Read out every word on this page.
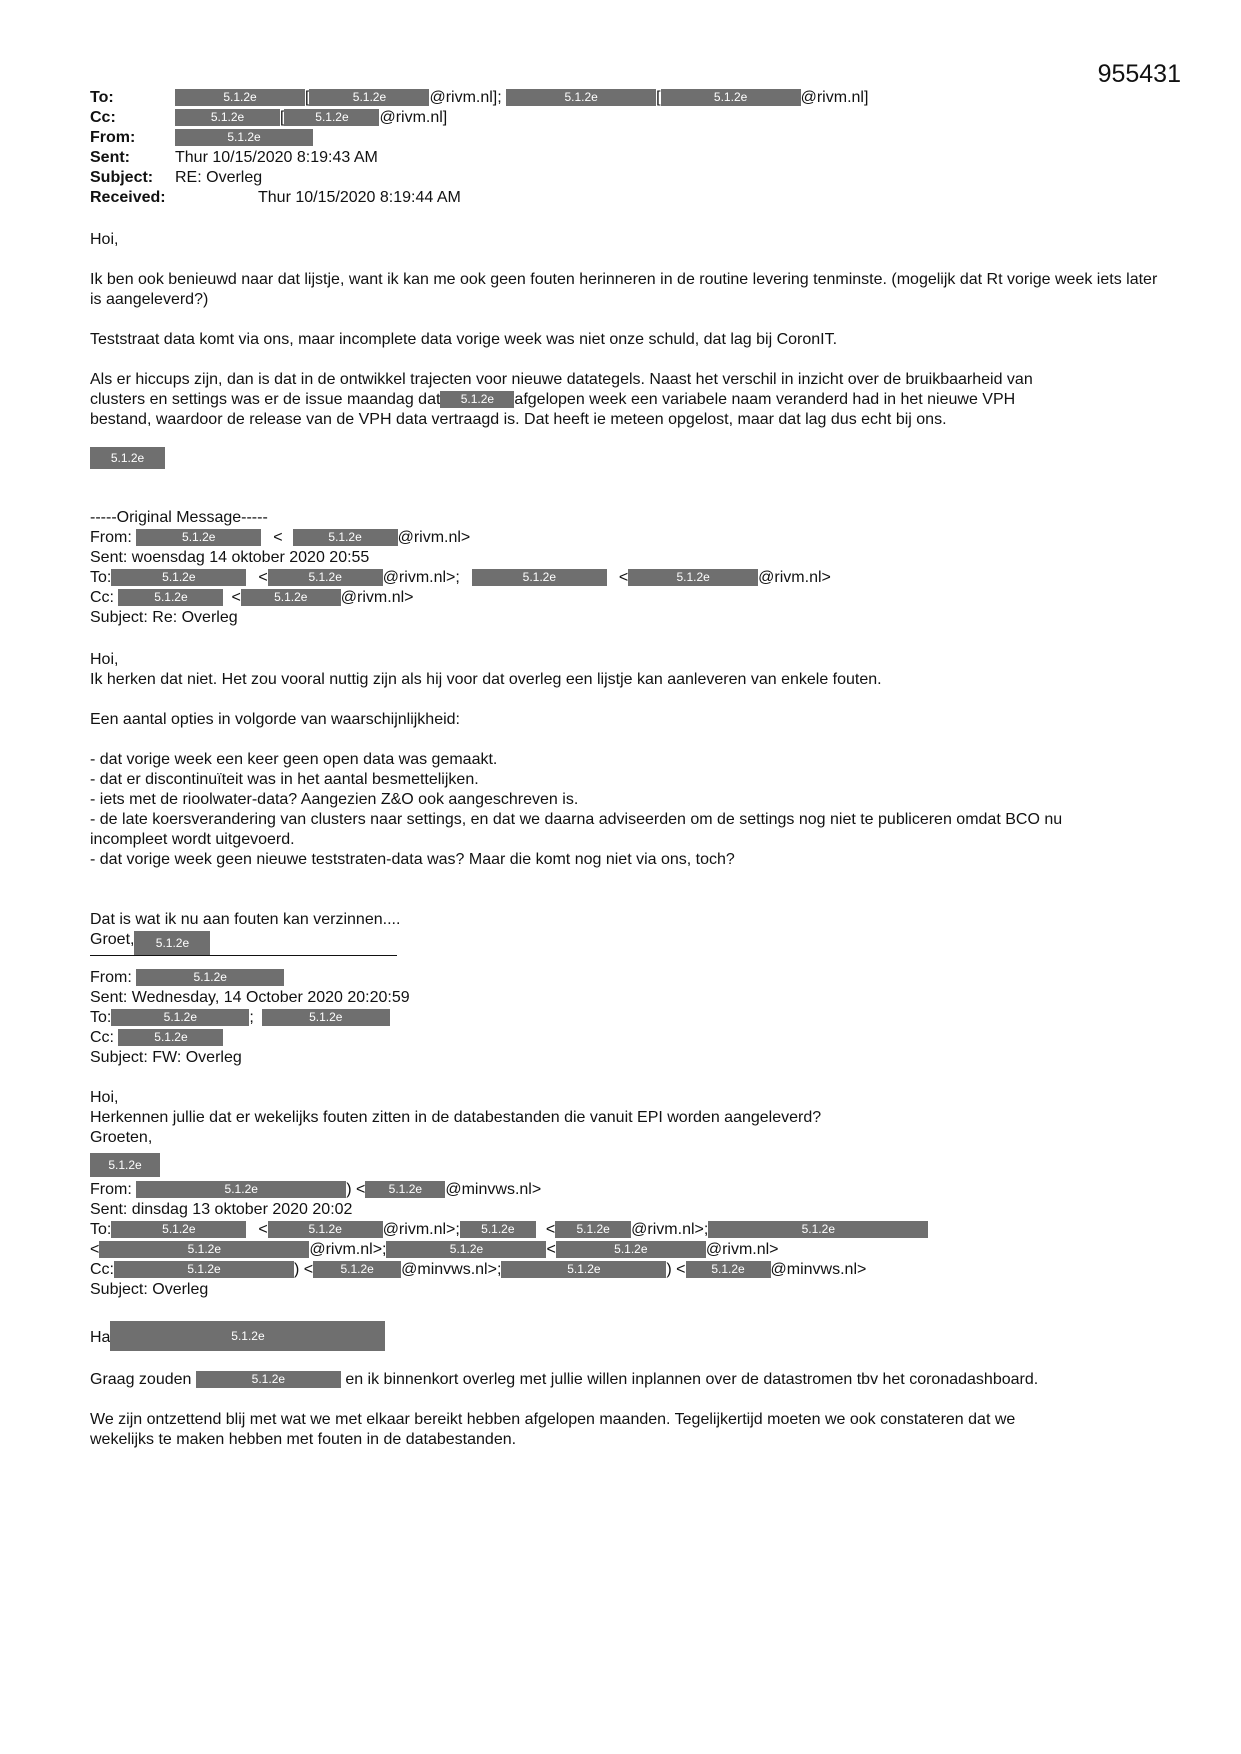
955431
To:	5.1.2e	[	5.1.2e	@rivm.nl];	5.1.2e	[	5.1.2e	@rivm.nl]
Cc:	5.1.2e [	5.1.2e @rivm.nl]
From:	5.1.2e
Sent:	Thur 10/15/2020 8:19:43 AM
Subject: RE: Overleg
Received:	Thur 10/15/2020 8:19:44 AM
Hoi,
Ik ben ook benieuwd naar dat lijstje, want ik kan me ook geen fouten herinneren in de routine levering tenminste. (mogelijk dat Rt vorige week iets later is aangeleverd?)
Teststraat data komt via ons, maar incomplete data vorige week was niet onze schuld, dat lag bij CoronIT.
Als er hiccups zijn, dan is dat in de ontwikkel trajecten voor nieuwe datategels. Naast het verschil in inzicht over de bruikbaarheid van
clusters en settings was er de issue maandag dat 5.1.2e afgelopen week een variabele naam veranderd had in het nieuwe VPH
bestand, waardoor de release van de VPH data vertraagd is. Dat heeft ie meteen opgelost, maar dat lag dus echt bij ons.
5.1.2e
-----Original Message-----
From:	5.1.2e	<	5.1.2e @rivm.nl>
Sent: woensdag 14 oktober 2020 20:55
To:	5.1.2e	<	5.1.2e	@rivm.nl>;	5.1.2e	<	5.1.2e	@rivm.nl>
Cc:	5.1.2e	<	5.1.2e @rivm.nl>
Subject: Re: Overleg
Hoi,
Ik herken dat niet. Het zou vooral nuttig zijn als hij voor dat overleg een lijstje kan aanleveren van enkele fouten.
Een aantal opties in volgorde van waarschijnlijkheid:
- dat vorige week een keer geen open data was gemaakt.
- dat er discontinuïteit was in het aantal besmettelijken.
- iets met de rioolwater-data? Aangezien Z&O ook aangeschreven is.
- de late koersverandering van clusters naar settings, en dat we daarna adviseerden om de settings nog niet te publiceren omdat BCO nu
incompleet wordt uitgevoerd.
- dat vorige week geen nieuwe teststraten-data was? Maar die komt nog niet via ons, toch?
Dat is wat ik nu aan fouten kan verzinnen....
Groet, 5.1.2e
From:	5.1.2e
Sent: Wednesday, 14 October 2020 20:20:59
To:	5.1.2e	;	5.1.2e
Cc:	5.1.2e
Subject: FW: Overleg
Hoi,
Herkennen jullie dat er wekelijks fouten zitten in de databestanden die vanuit EPI worden aangeleverd?
Groeten,
5.1.2e
From:	5.1.2e	) < 5.1.2e @minvws.nl>
Sent: dinsdag 13 oktober 2020 20:02
To:	5.1.2e	<	5.1.2e	@rivm.nl>; 5.1.2e < 5.1.2e @rivm.nl>;	5.1.2e
<	5.1.2e	@rivm.nl>;	5.1.2e	<	5.1.2e	@rivm.nl>
Cc:	5.1.2e	) < 5.1.2e @minvws.nl>;	5.1.2e	) < 5.1.2e @minvws.nl>
Subject: Overleg
Ha	5.1.2e
Graag zouden	5.1.2e	en ik binnenkort overleg met jullie willen inplannen over de datastromen tbv het coronadashboard.
We zijn ontzettend blij met wat we met elkaar bereikt hebben afgelopen maanden. Tegelijkertijd moeten we ook constateren dat we
wekelijks te maken hebben met fouten in de databestanden.
